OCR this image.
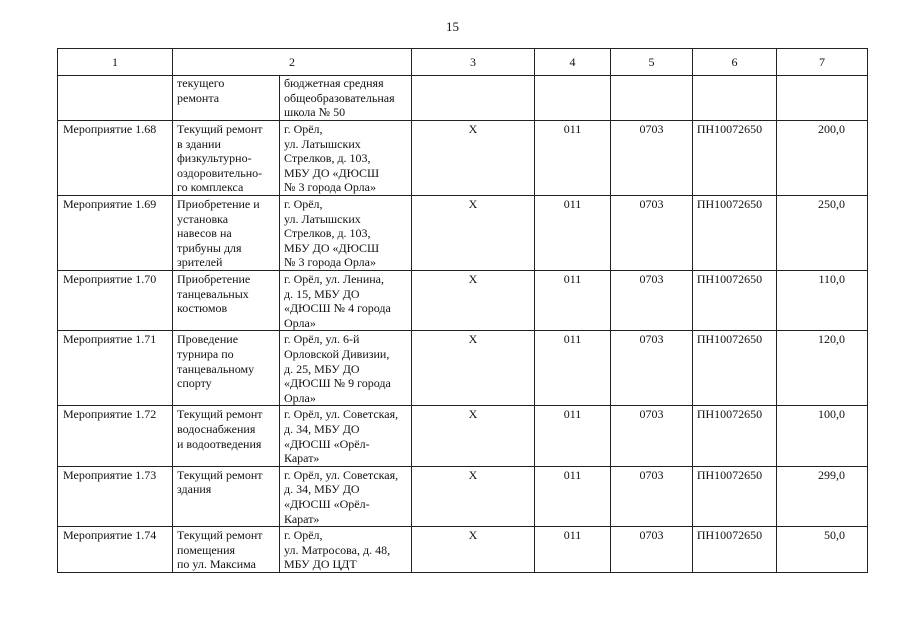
15
1	2		3	4	5	6	7

	текущего
ремонта	бюджетная средняя
общеобразовательная
школа № 50					

Мероприятие 1.68	Текущий ремонт
в здании
физкультурно-
оздоровительно-
го комплекса	г. Орёл,
ул. Латышских
Стрелков, д. 103,
МБУ ДО «ДЮСШ
№ 3 города Орла»	Х	011	0703	ПН10072650	200,0
Мероприятие 1.69	Приобретение и
установка
навесов на
трибуны для
зрителей	г. Орёл,
ул. Латышских
Стрелков, д. 103,
МБУ ДО «ДЮСШ
№ 3 города Орла»	Х	011	0703	ПН10072650	250,0
Мероприятие 1.70	Приобретение
танцевальных
костюмов	г. Орёл, ул. Ленина,
д. 15, МБУ ДО
«ДЮСШ № 4 города
Орла»	Х	011	0703	ПН10072650	110,0
Мероприятие 1.71	Проведение
турнира по
танцевальному
спорту	г. Орёл, ул. 6-й
Орловской Дивизии,
д. 25, МБУ ДО
«ДЮСШ № 9 города
Орла»	Х	011	0703	ПН10072650	120,0
Мероприятие 1.72	Текущий ремонт
водоснабжения
и водоотведения	г. Орёл, ул. Советская,
д. 34, МБУ ДО
«ДЮСШ «Орёл-
Карат»	Х	011	0703	ПН10072650	100,0
Мероприятие 1.73	Текущий ремонт
здания	г. Орёл, ул. Советская,
д. 34, МБУ ДО
«ДЮСШ «Орёл-
Карат»	Х	011	0703	ПН10072650	299,0
Мероприятие 1.74	Текущий ремонт
помещения
по ул. Максима	г. Орёл,
ул. Матросова, д. 48,
МБУ ДО ЦДТ	Х	011	0703	ПН10072650	50,0
